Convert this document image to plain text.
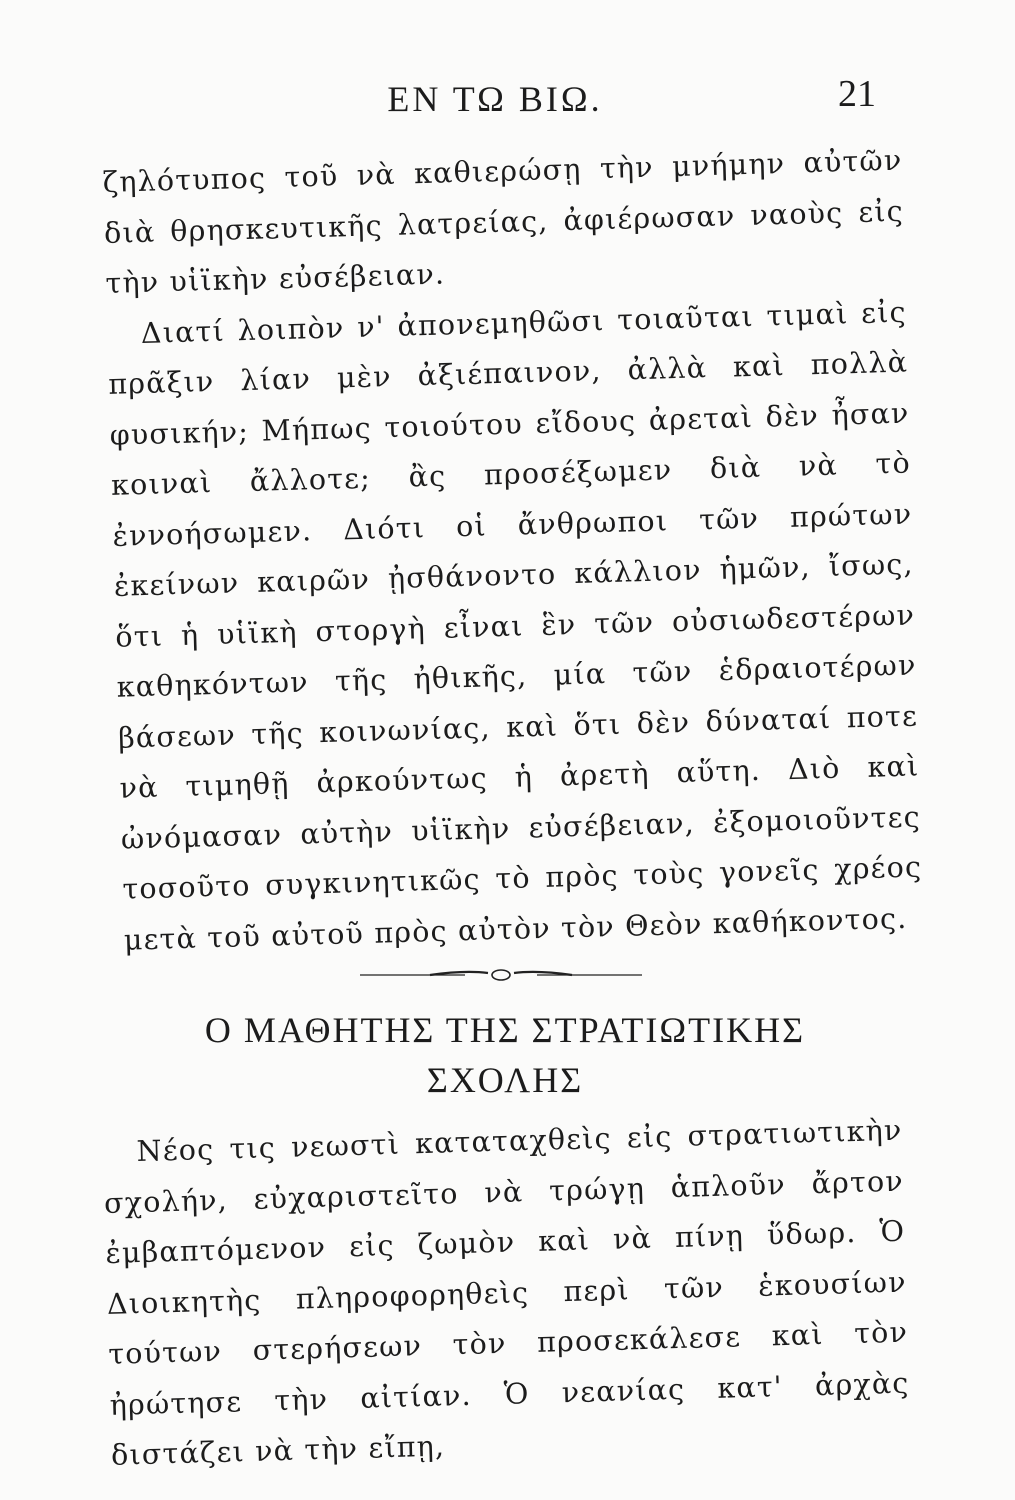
ΕΝ ΤΩ ΒΙΩ.	21

ζηλότυπος τοῦ νὰ καθιερώσῃ τὴν μνήμην αὐτῶν διὰ θρησκευτικῆς λατρείας, ἀφιέρωσαν ναοὺς εἰς τὴν υἱϊκὴν εὐσέβειαν.

Διατί λοιπὸν ν' ἀπονεμηθῶσι τοιαῦται τιμαὶ εἰς πρᾶξιν λίαν μὲν ἀξιέπαινον, ἀλλὰ καὶ πολλὰ φυσικήν; Μήπως τοιούτου εἴδους ἀρεταὶ δὲν ἦσαν κοιναὶ ἄλλοτε; ἂς προσέξωμεν διὰ νὰ τὸ ἐννοήσωμεν. Διότι οἱ ἄνθρωποι τῶν πρώτων ἐκείνων καιρῶν ᾐσθάνοντο κάλλιον ἡμῶν, ἴσως, ὅτι ἡ υἱϊκὴ στοργὴ εἶναι ἓν τῶν οὐσιωδεστέρων καθηκόντων τῆς ἠθικῆς, μία τῶν ἑδραιοτέρων βάσεων τῆς κοινωνίας, καὶ ὅτι δὲν δύναταί ποτε νὰ τιμηθῇ ἀρκούντως ἡ ἀρετὴ αὕτη. Διὸ καὶ ὠνόμασαν αὐτὴν υἱϊκὴν εὐσέβειαν, ἐξομοιοῦντες τοσοῦτο συγκινητικῶς τὸ πρὸς τοὺς γονεῖς χρέος μετὰ τοῦ αὐτοῦ πρὸς αὐτὸν τὸν Θεὸν καθήκοντος.

Ο ΜΑΘΗΤΗΣ ΤΗΣ ΣΤΡΑΤΙΩΤΙΚΗΣ
ΣΧΟΛΗΣ

Νέος τις νεωστὶ καταταχθεὶς εἰς στρατιωτικὴν σχολήν, εὐχαριστεῖτο νὰ τρώγῃ ἁπλοῦν ἄρτον ἐμβαπτόμενον εἰς ζωμὸν καὶ νὰ πίνῃ ὕδωρ. Ὁ Διοικητὴς πληροφορηθεὶς περὶ τῶν ἑκουσίων τούτων στερήσεων τὸν προσεκάλεσε καὶ τὸν ἠρώτησε τὴν αἰτίαν. Ὁ νεανίας κατ' ἀρχὰς διστάζει νὰ τὴν εἴπῃ,
